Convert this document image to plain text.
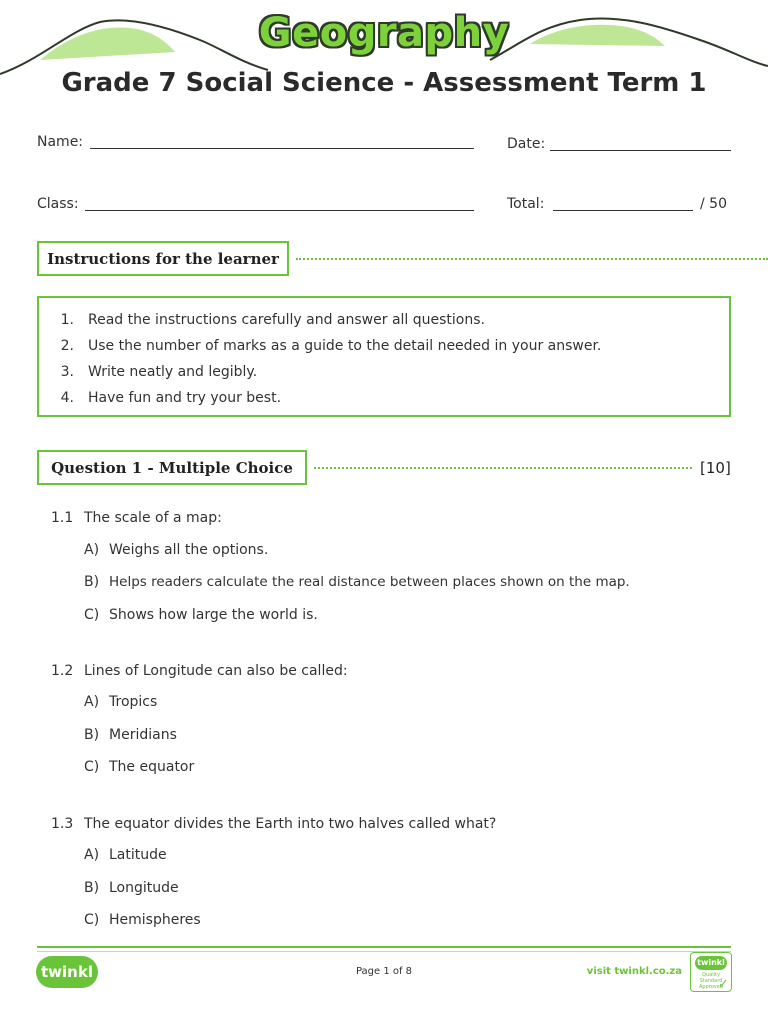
Geography
Grade 7 Social Science - Assessment Term 1
Name:	Date:
Class:	Total:	/ 50
Instructions for the learner
1. Read the instructions carefully and answer all questions.
2. Use the number of marks as a guide to the detail needed in your answer.
3. Write neatly and legibly.
4. Have fun and try your best.
Question 1 - Multiple Choice	[10]
1.1 The scale of a map:
A) Weighs all the options.
B) Helps readers calculate the real distance between places shown on the map.
C) Shows how large the world is.
1.2 Lines of Longitude can also be called:
A) Tropics
B) Meridians
C) The equator
1.3 The equator divides the Earth into two halves called what?
A) Latitude
B) Longitude
C) Hemispheres
twinkl	Page 1 of 8	visit twinkl.co.za
twinkl
Quality Standard Approved
✓
